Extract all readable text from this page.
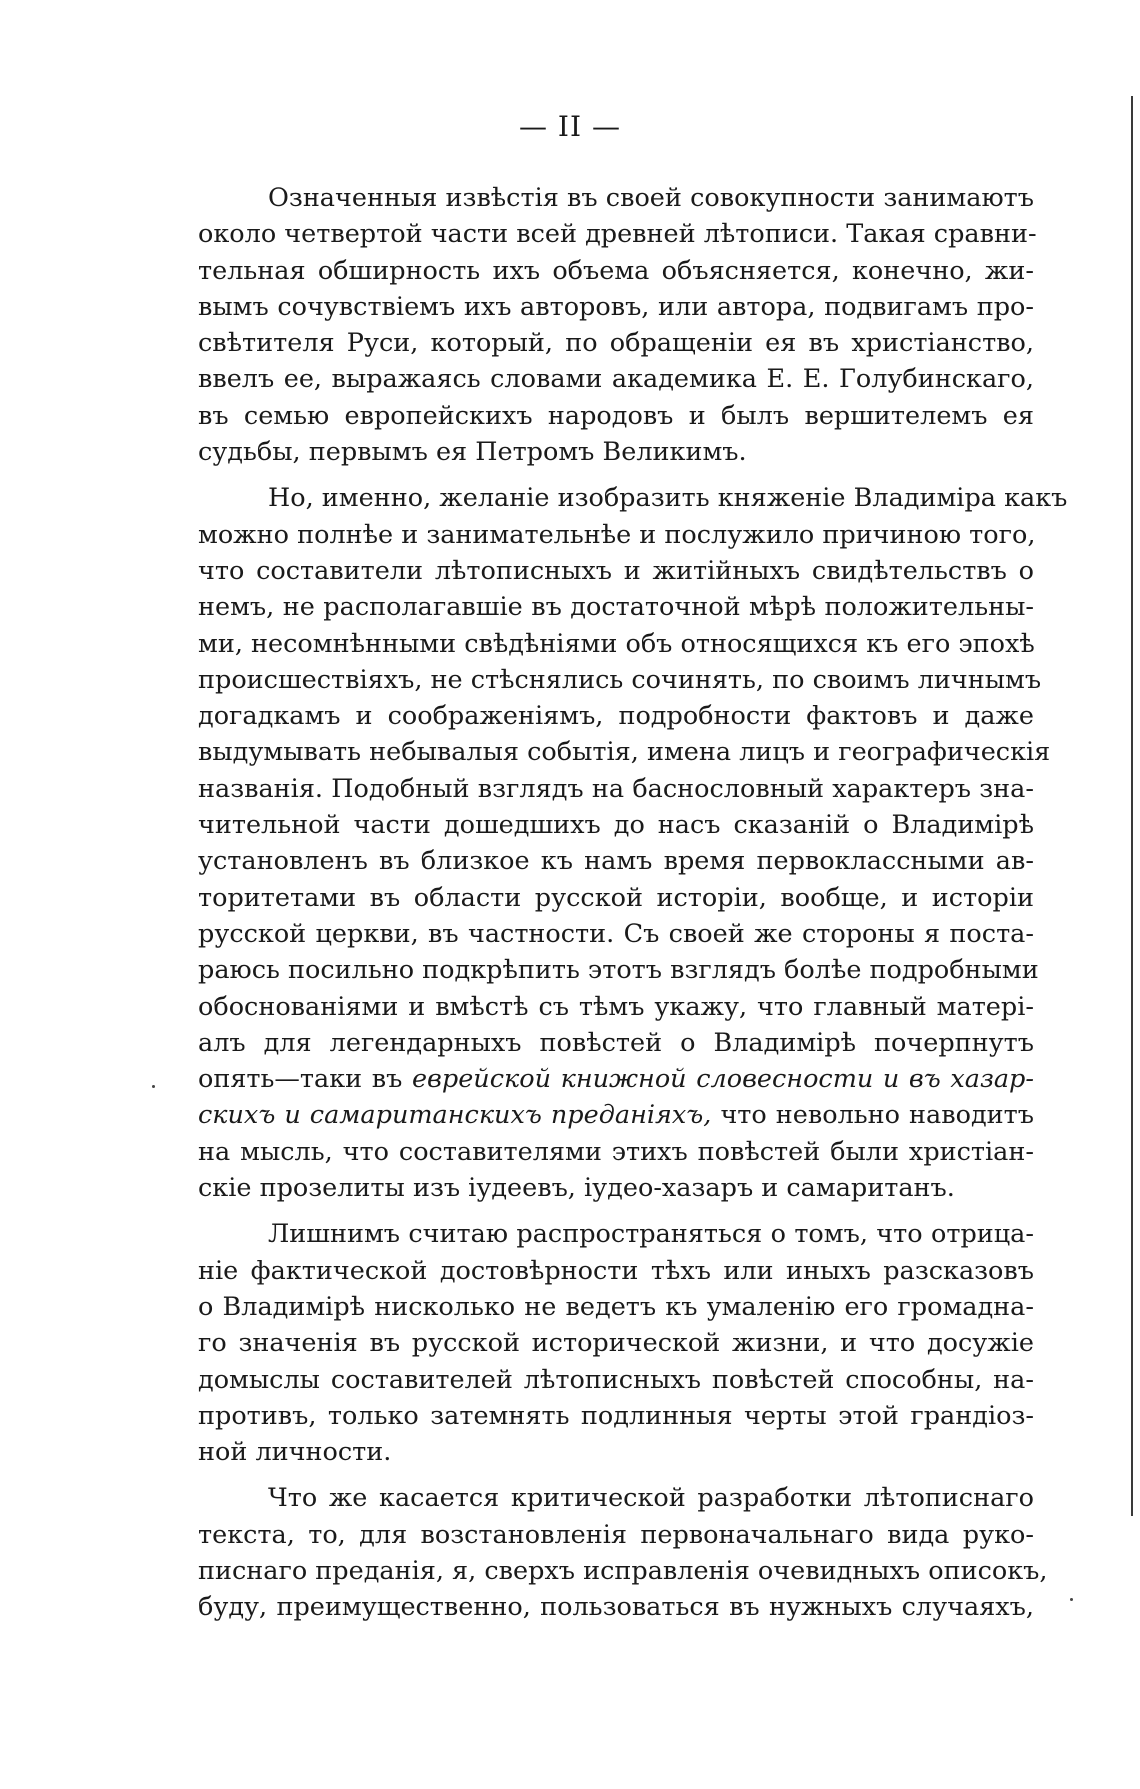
— II —
Означенныя извѣстія въ своей совокупности занимаютъ
около четвертой части всей древней лѣтописи. Такая сравни-
тельная обширность ихъ объема объясняется, конечно, жи-
вымъ сочувствіемъ ихъ авторовъ, или автора, подвигамъ про-
свѣтителя Руси, который, по обращеніи ея въ христіанство,
ввелъ ее, выражаясь словами академика Е. Е. Голубинскаго,
въ семью европейскихъ народовъ и былъ вершителемъ ея
судьбы, первымъ ея Петромъ Великимъ.
Но, именно, желаніе изобразить княженіе Владиміра какъ
можно полнѣе и занимательнѣе и послужило причиною того,
что составители лѣтописныхъ и житійныхъ свидѣтельствъ о
немъ, не располагавшіе въ достаточной мѣрѣ положительны-
ми, несомнѣнными свѣдѣніями объ относящихся къ его эпохѣ
происшествіяхъ, не стѣснялись сочинять, по своимъ личнымъ
догадкамъ и соображеніямъ, подробности фактовъ и даже
выдумывать небывалыя событія, имена лицъ и географическія
названія. Подобный взглядъ на баснословный характеръ зна-
чительной части дошедшихъ до насъ сказаній о Владимірѣ
установленъ въ близкое къ намъ время первоклассными ав-
торитетами въ области русской исторіи, вообще, и исторіи
русской церкви, въ частности. Съ своей же стороны я поста-
раюсь посильно подкрѣпить этотъ взглядъ болѣе подробными
обоснованіями и вмѣстѣ съ тѣмъ укажу, что главный матері-
алъ для легендарныхъ повѣстей о Владимірѣ почерпнутъ
опять—таки въ еврейской книжной словесности и въ хазар-
скихъ и самаританскихъ преданіяхъ, что невольно наводитъ
на мысль, что составителями этихъ повѣстей были христіан-
скіе прозелиты изъ іудеевъ, іудео-хазаръ и самаританъ.
Лишнимъ считаю распространяться о томъ, что отрица-
ніе фактической достовѣрности тѣхъ или иныхъ разсказовъ
о Владимірѣ нисколько не ведетъ къ умаленію его громадна-
го значенія въ русской исторической жизни, и что досужіе
домыслы составителей лѣтописныхъ повѣстей способны, на-
противъ, только затемнять подлинныя черты этой грандіоз-
ной личности.
Что же касается критической разработки лѣтописнаго
текста, то, для возстановленія первоначальнаго вида руко-
писнаго преданія, я, сверхъ исправленія очевидныхъ описокъ,
буду, преимущественно, пользоваться въ нужныхъ случаяхъ,
